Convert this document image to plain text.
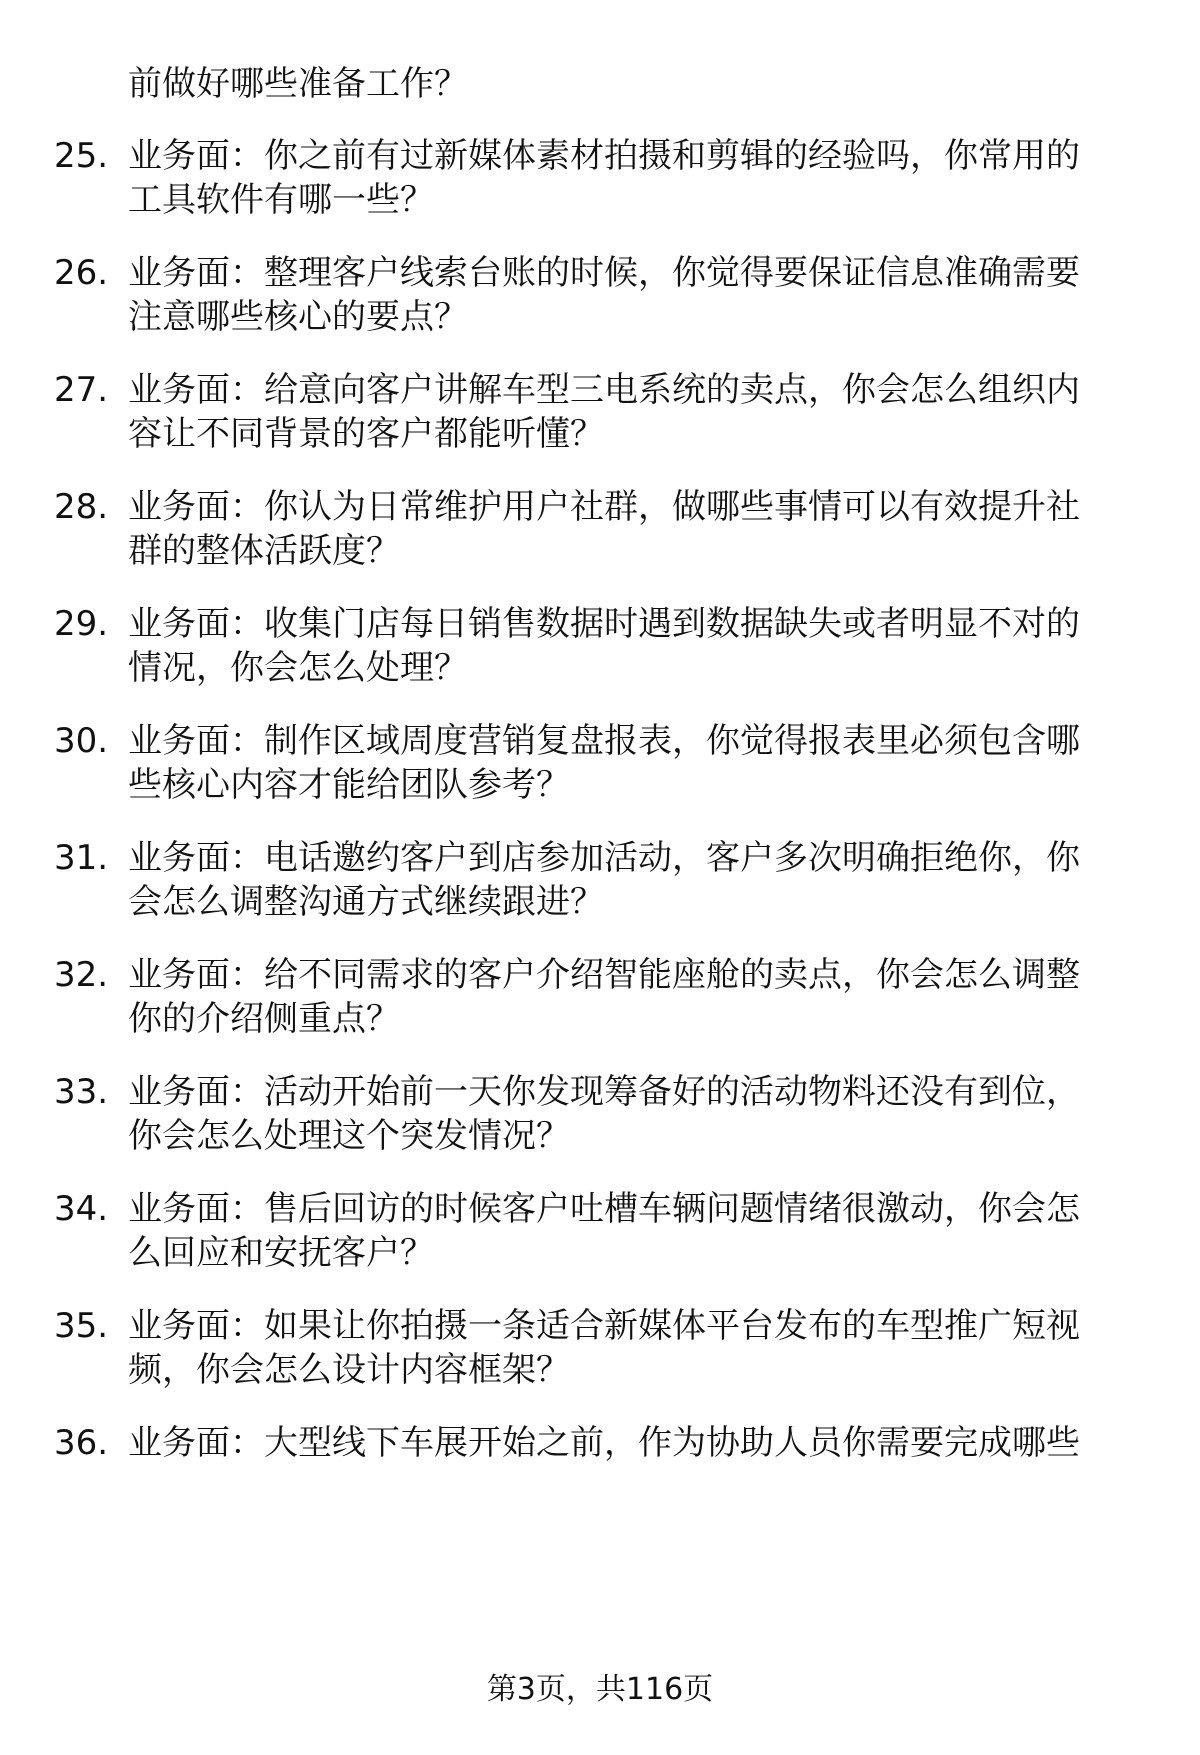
前做好哪些准备工作？
25. 业务面：你之前有过新媒体素材拍摄和剪辑的经验吗，你常用的
工具软件有哪一些？
26. 业务面：整理客户线索台账的时候，你觉得要保证信息准确需要
注意哪些核心的要点？
27. 业务面：给意向客户讲解车型三电系统的卖点，你会怎么组织内
容让不同背景的客户都能听懂？
28. 业务面：你认为日常维护用户社群，做哪些事情可以有效提升社
群的整体活跃度？
29. 业务面：收集门店每日销售数据时遇到数据缺失或者明显不对的
情况，你会怎么处理？
30. 业务面：制作区域周度营销复盘报表，你觉得报表里必须包含哪
些核心内容才能给团队参考？
31. 业务面：电话邀约客户到店参加活动，客户多次明确拒绝你，你
会怎么调整沟通方式继续跟进？
32. 业务面：给不同需求的客户介绍智能座舱的卖点，你会怎么调整
你的介绍侧重点？
33. 业务面：活动开始前一天你发现筹备好的活动物料还没有到位，
你会怎么处理这个突发情况？
34. 业务面：售后回访的时候客户吐槽车辆问题情绪很激动，你会怎
么回应和安抚客户？
35. 业务面：如果让你拍摄一条适合新媒体平台发布的车型推广短视
频，你会怎么设计内容框架？
36. 业务面：大型线下车展开始之前，作为协助人员你需要完成哪些
第3页，共116页
